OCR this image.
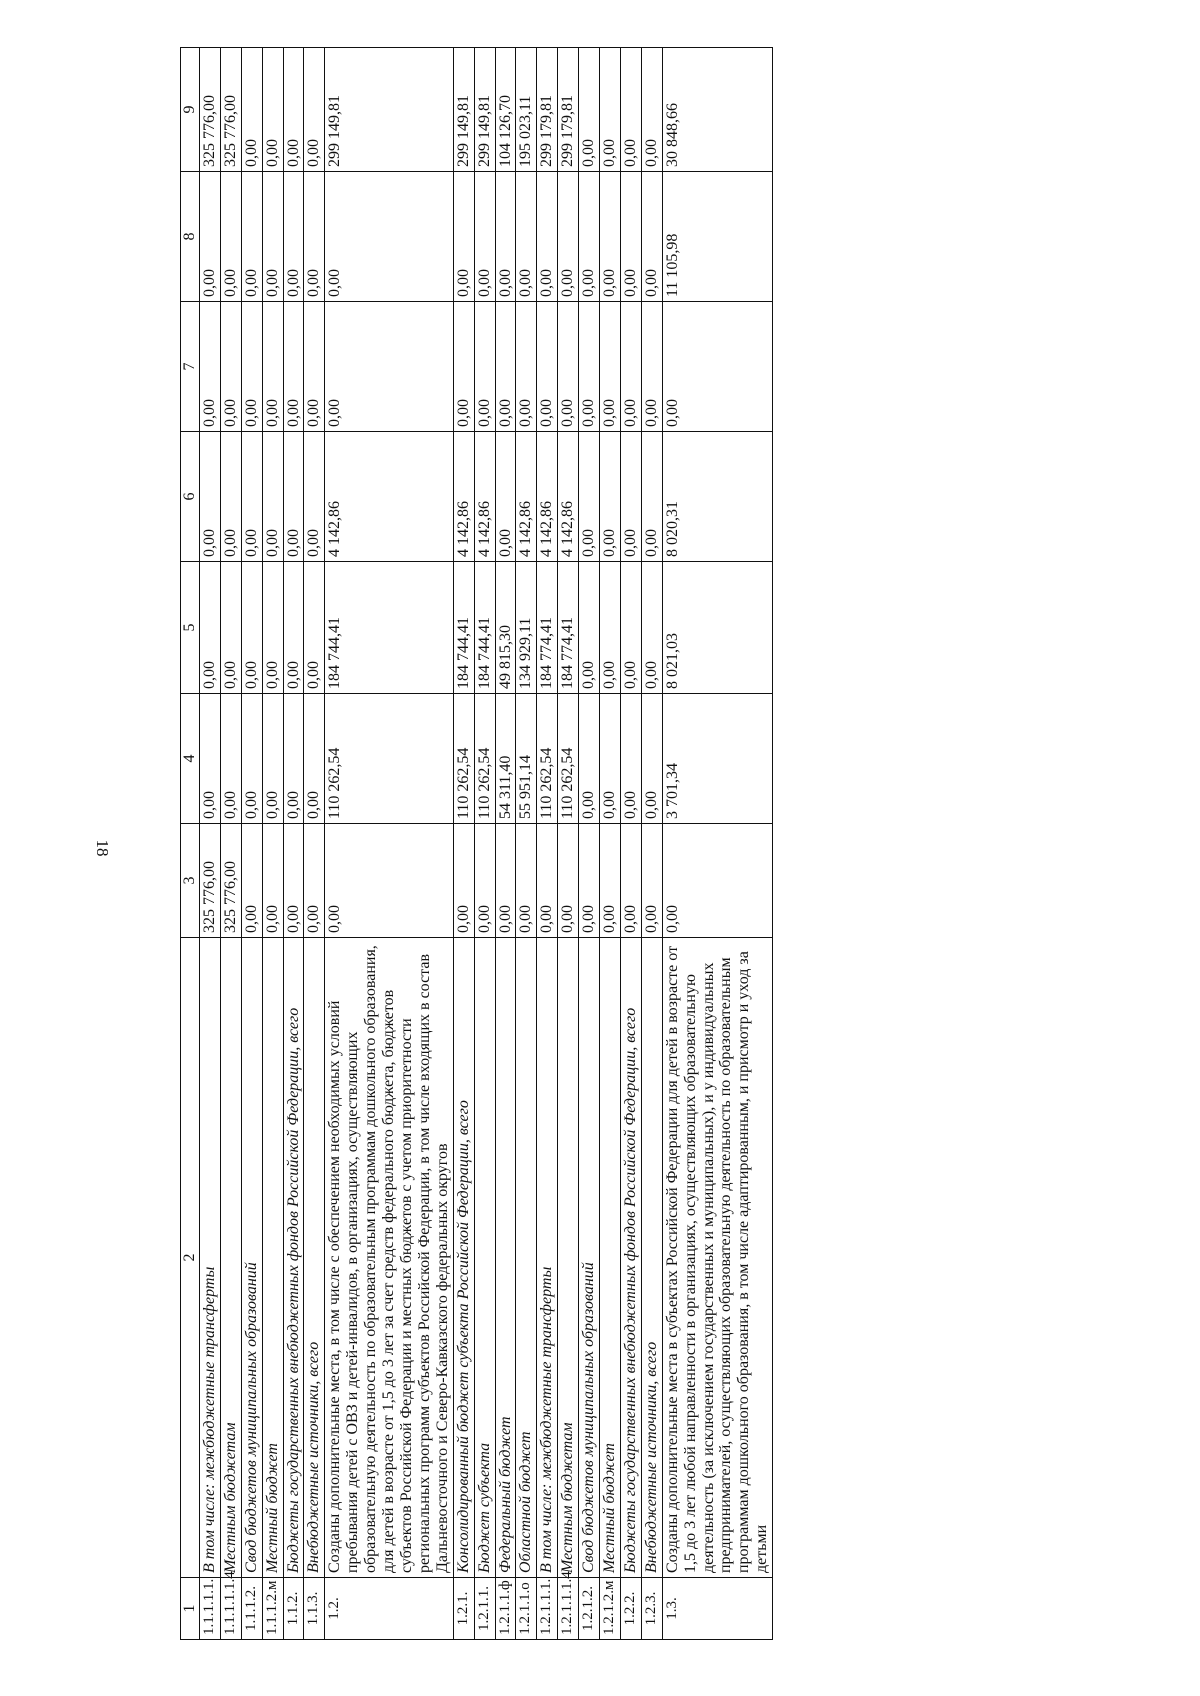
18
1	2	3	4	5	6	7	8	9
1.1.1.1.1.	В том числе: межбюджетные трансферты	325 776,00	0,00	0,00	0,00	0,00	0,00	325 776,00
1.1.1.1.1.4	Местным бюджетам	325 776,00	0,00	0,00	0,00	0,00	0,00	325 776,00
1.1.1.2.	Свод бюджетов муниципальных образований	0,00	0,00	0,00	0,00	0,00	0,00	0,00
1.1.1.2.м	Местный бюджет	0,00	0,00	0,00	0,00	0,00	0,00	0,00
1.1.2.	Бюджеты государственных внебюджетных фондов Российской Федерации, всего	0,00	0,00	0,00	0,00	0,00	0,00	0,00
1.1.3.	Внебюджетные источники, всего	0,00	0,00	0,00	0,00	0,00	0,00	0,00
1.2.	Созданы дополнительные места, в том числе с обеспечением необходимых условий пребывания детей с ОВЗ и детей-инвалидов, в организациях, осуществляющих образовательную деятельность по образовательным программам дошкольного образования, для детей в возрасте от 1,5 до 3 лет за счет средств федерального бюджета, бюджетов субъектов Российской Федерации и местных бюджетов с учетом приоритетности региональных программ субъектов Российской Федерации, в том числе входящих в состав Дальневосточного и Северо-Кавказского федеральных округов	0,00	110 262,54	184 744,41	4 142,86	0,00	0,00	299 149,81
1.2.1.	Консолидированный бюджет субъекта Российской Федерации, всего	0,00	110 262,54	184 744,41	4 142,86	0,00	0,00	299 149,81
1.2.1.1.	Бюджет субъекта	0,00	110 262,54	184 744,41	4 142,86	0,00	0,00	299 149,81
1.2.1.1.ф	Федеральный бюджет	0,00	54 311,40	49 815,30	0,00	0,00	0,00	104 126,70
1.2.1.1.о	Областной бюджет	0,00	55 951,14	134 929,11	4 142,86	0,00	0,00	195 023,11
1.2.1.1.1.	В том числе: межбюджетные трансферты	0,00	110 262,54	184 774,41	4 142,86	0,00	0,00	299 179,81
1.2.1.1.1.4	Местным бюджетам	0,00	110 262,54	184 774,41	4 142,86	0,00	0,00	299 179,81
1.2.1.2.	Свод бюджетов муниципальных образований	0,00	0,00	0,00	0,00	0,00	0,00	0,00
1.2.1.2.м	Местный бюджет	0,00	0,00	0,00	0,00	0,00	0,00	0,00
1.2.2.	Бюджеты государственных внебюджетных фондов Российской Федерации, всего	0,00	0,00	0,00	0,00	0,00	0,00	0,00
1.2.3.	Внебюджетные источники, всего	0,00	0,00	0,00	0,00	0,00	0,00	0,00
1.3.	Созданы дополнительные места в субъектах Российской Федерации для детей в возрасте от 1,5 до 3 лет любой направленности в организациях, осуществляющих образовательную деятельность (за исключением государственных и муниципальных), и у индивидуальных предпринимателей, осуществляющих образовательную деятельность по образовательным программам дошкольного образования, в том числе адаптированным, и присмотр и уход за детьми	0,00	3 701,34	8 021,03	8 020,31	0,00	11 105,98	30 848,66
